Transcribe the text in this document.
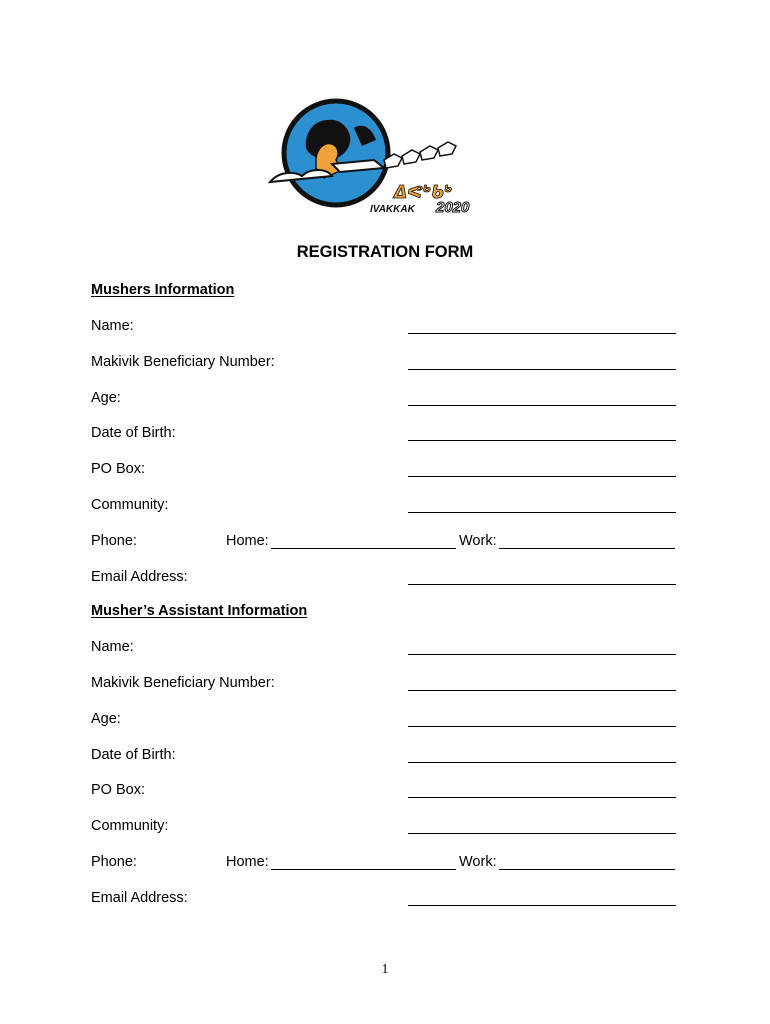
ᐃᕙᒃᑲᒃ
IVAKKAK 2020
REGISTRATION FORM
Mushers Information
Name:
Makivik Beneficiary Number:
Age:
Date of Birth:
PO Box:
Community:
Phone:	Home:	Work:
Email Address:
Musher’s Assistant Information
Name:
Makivik Beneficiary Number:
Age:
Date of Birth:
PO Box:
Community:
Phone:	Home:	Work:
Email Address:
1
